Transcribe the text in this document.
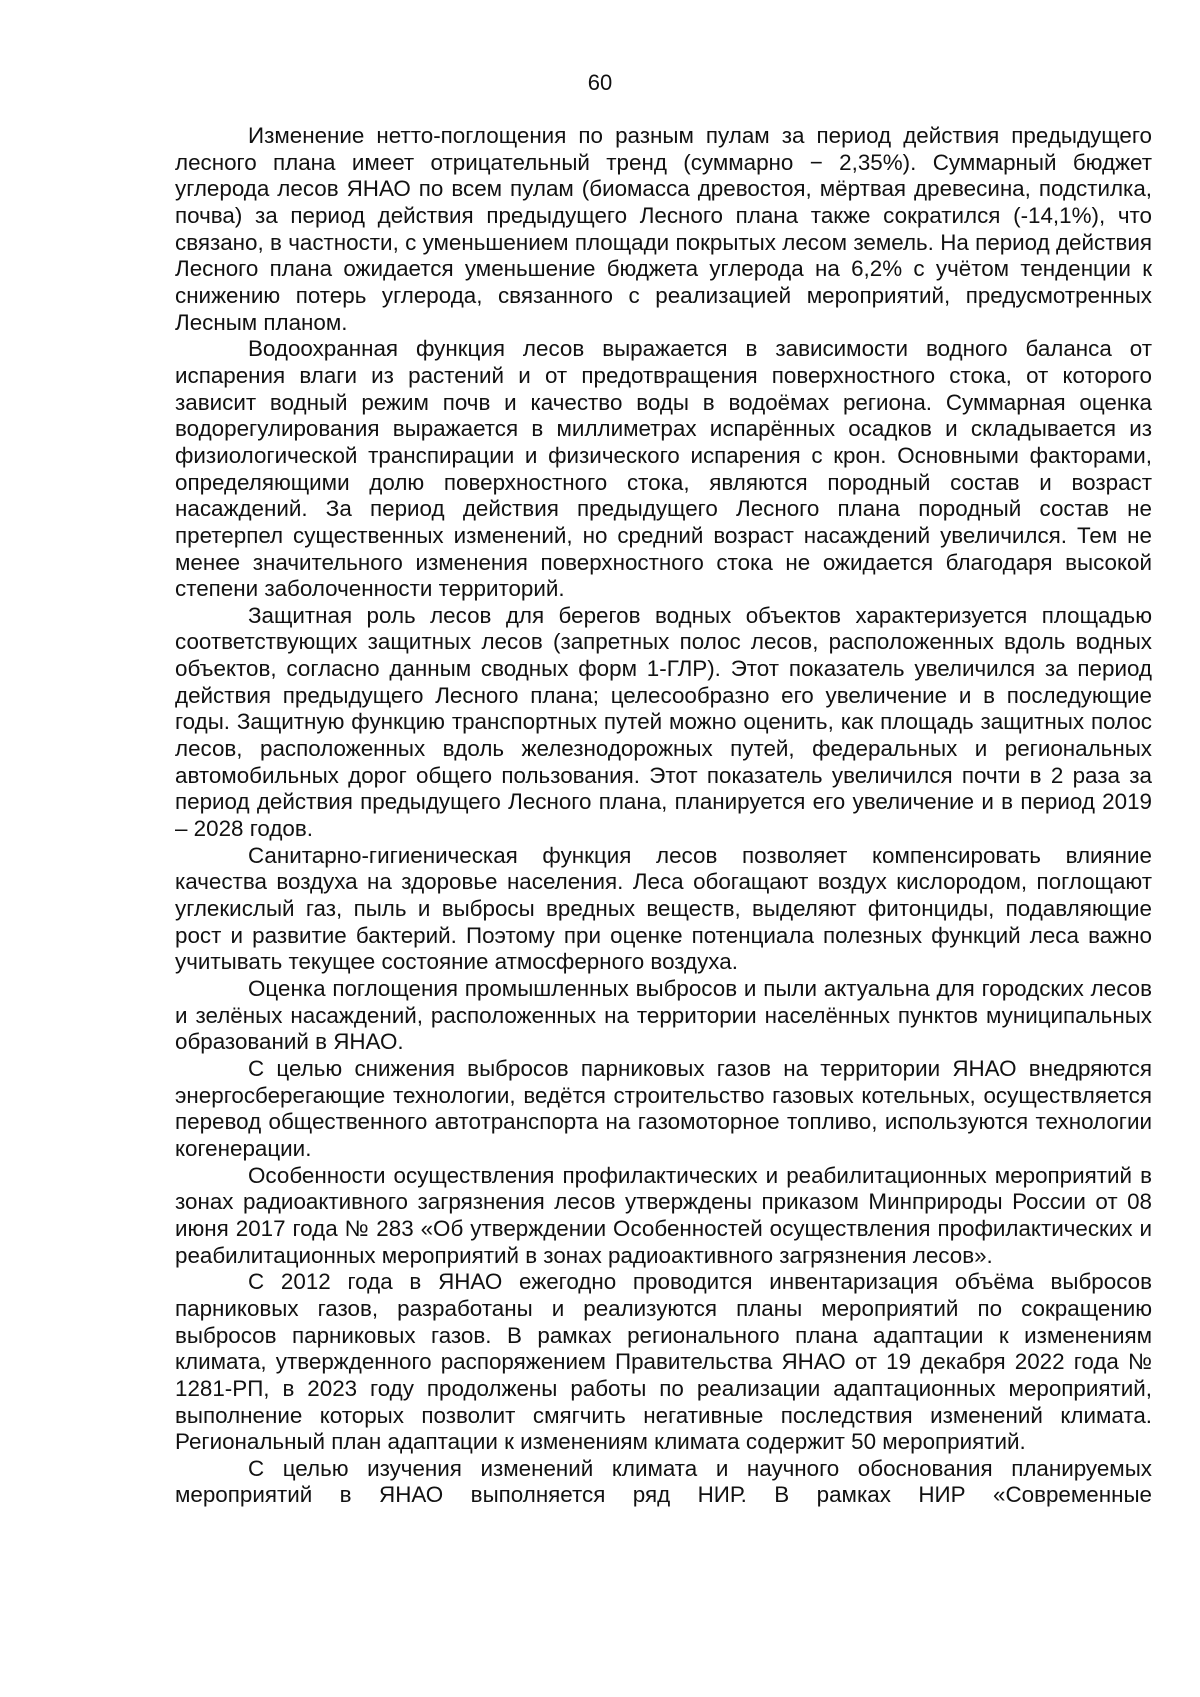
60

Изменение нетто-поглощения по разным пулам за период действия предыдущего лесного плана имеет отрицательный тренд (суммарно − 2,35%). Суммарный бюджет углерода лесов ЯНАО по всем пулам (биомасса древостоя, мёртвая древесина, подстилка, почва) за период действия предыдущего Лесного плана также сократился (-14,1%), что связано, в частности, с уменьшением площади покрытых лесом земель. На период действия Лесного плана ожидается уменьшение бюджета углерода на 6,2% с учётом тенденции к снижению потерь углерода, связанного с реализацией мероприятий, предусмотренных Лесным планом.

Водоохранная функция лесов выражается в зависимости водного баланса от испарения влаги из растений и от предотвращения поверхностного стока, от которого зависит водный режим почв и качество воды в водоёмах региона. Суммарная оценка водорегулирования выражается в миллиметрах испарённых осадков и складывается из физиологической транспирации и физического испарения с крон. Основными факторами, определяющими долю поверхностного стока, являются породный состав и возраст насаждений. За период действия предыдущего Лесного плана породный состав не претерпел существенных изменений, но средний возраст насаждений увеличился. Тем не менее значительного изменения поверхностного стока не ожидается благодаря высокой степени заболоченности территорий.

Защитная роль лесов для берегов водных объектов характеризуется площадью соответствующих защитных лесов (запретных полос лесов, расположенных вдоль водных объектов, согласно данным сводных форм 1-ГЛР). Этот показатель увеличился за период действия предыдущего Лесного плана; целесообразно его увеличение и в последующие годы. Защитную функцию транспортных путей можно оценить, как площадь защитных полос лесов, расположенных вдоль железнодорожных путей, федеральных и региональных автомобильных дорог общего пользования. Этот показатель увеличился почти в 2 раза за период действия предыдущего Лесного плана, планируется его увеличение и в период 2019 – 2028 годов.

Санитарно-гигиеническая функция лесов позволяет компенсировать влияние качества воздуха на здоровье населения. Леса обогащают воздух кислородом, поглощают углекислый газ, пыль и выбросы вредных веществ, выделяют фитонциды, подавляющие рост и развитие бактерий. Поэтому при оценке потенциала полезных функций леса важно учитывать текущее состояние атмосферного воздуха.

Оценка поглощения промышленных выбросов и пыли актуальна для городских лесов и зелёных насаждений, расположенных на территории населённых пунктов муниципальных образований в ЯНАО.

С целью снижения выбросов парниковых газов на территории ЯНАО внедряются энергосберегающие технологии, ведётся строительство газовых котельных, осуществляется перевод общественного автотранспорта на газомоторное топливо, используются технологии когенерации.

Особенности осуществления профилактических и реабилитационных мероприятий в зонах радиоактивного загрязнения лесов утверждены приказом Минприроды России от 08 июня 2017 года № 283 «Об утверждении Особенностей осуществления профилактических и реабилитационных мероприятий в зонах радиоактивного загрязнения лесов».

С 2012 года в ЯНАО ежегодно проводится инвентаризация объёма выбросов парниковых газов, разработаны и реализуются планы мероприятий по сокращению выбросов парниковых газов. В рамках регионального плана адаптации к изменениям климата, утвержденного распоряжением Правительства ЯНАО от 19 декабря 2022 года № 1281-РП, в 2023 году продолжены работы по реализации адаптационных мероприятий, выполнение которых позволит смягчить негативные последствия изменений климата. Региональный план адаптации к изменениям климата содержит 50 мероприятий.

С целью изучения изменений климата и научного обоснования планируемых мероприятий в ЯНАО выполняется ряд НИР. В рамках НИР «Современные
